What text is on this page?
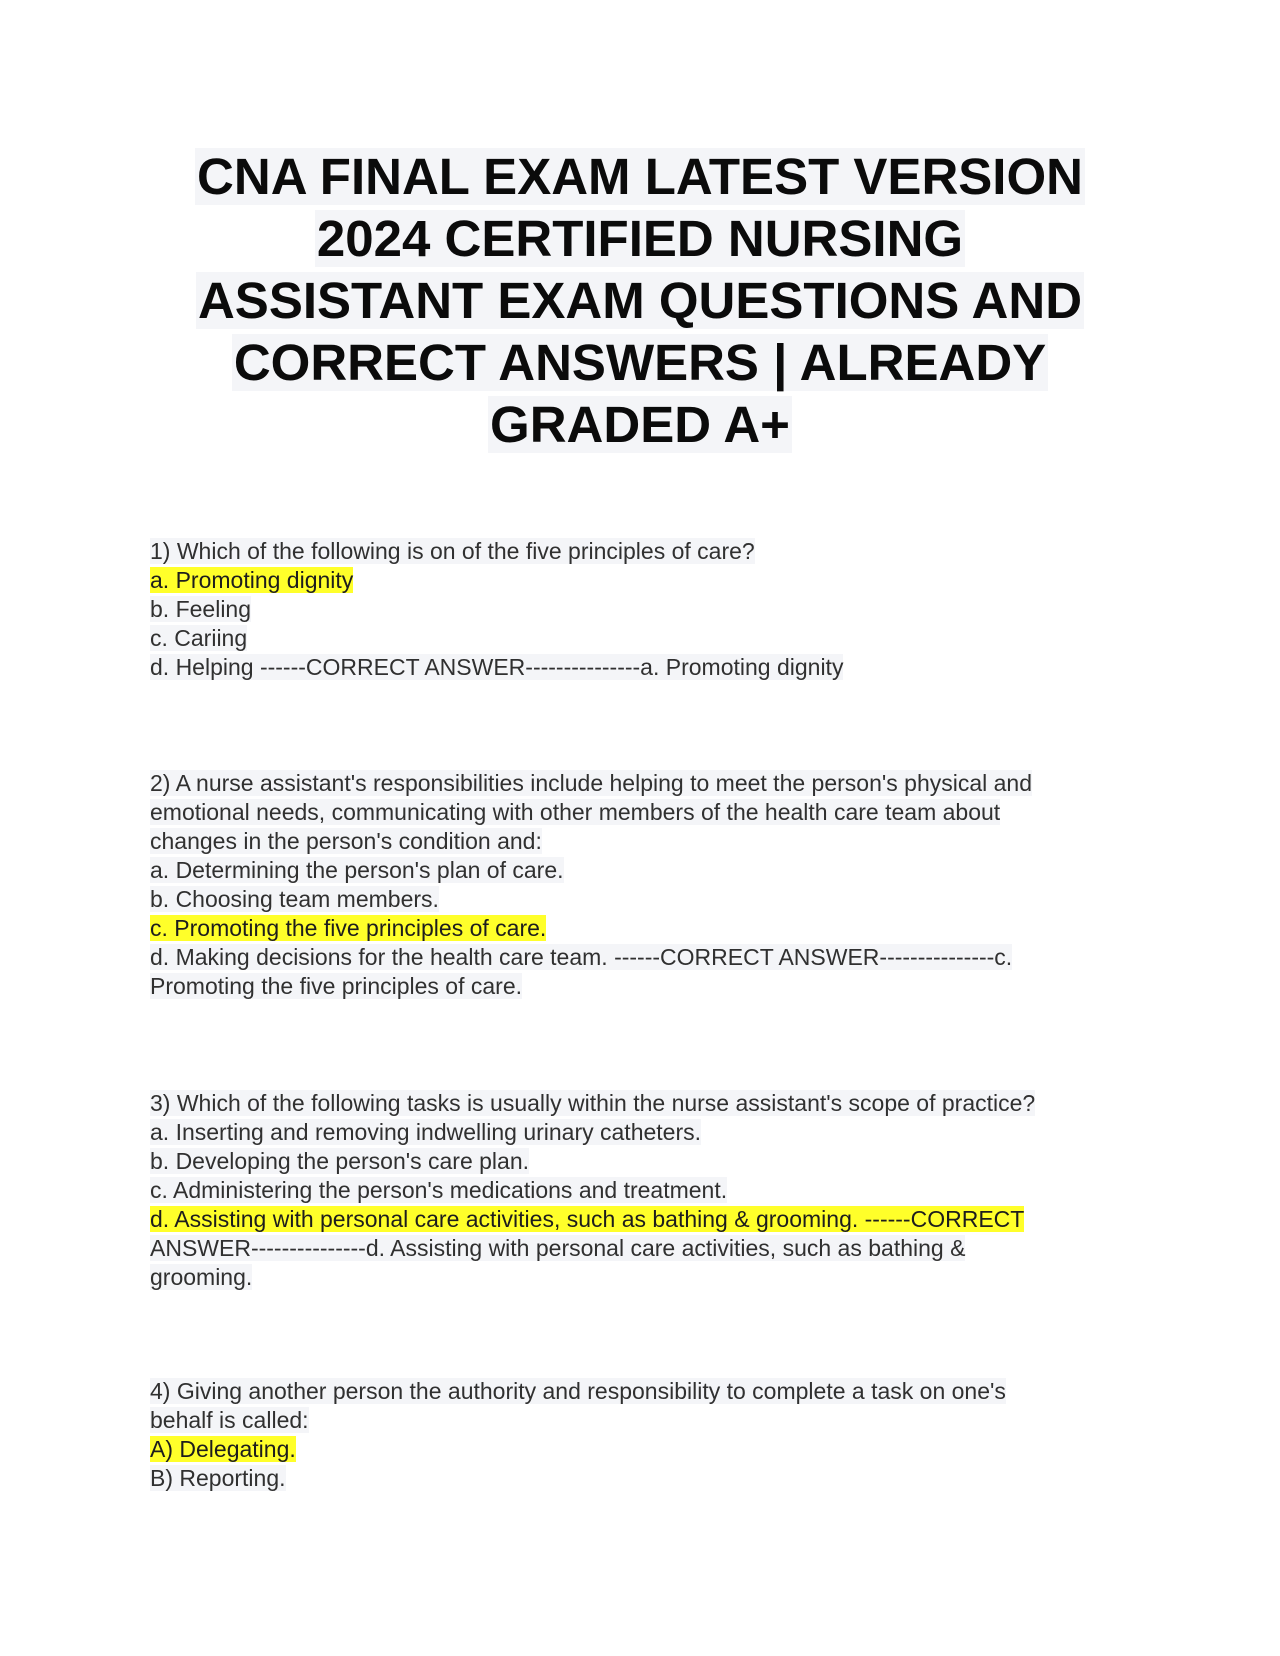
CNA FINAL EXAM LATEST VERSION
2024 CERTIFIED NURSING
ASSISTANT EXAM QUESTIONS AND
CORRECT ANSWERS | ALREADY
GRADED A+
1) Which of the following is on of the five principles of care?
a. Promoting dignity
b. Feeling
c. Cariing
d. Helping ------CORRECT ANSWER---------------a. Promoting dignity
2) A nurse assistant's responsibilities include helping to meet the person's physical and
emotional needs, communicating with other members of the health care team about
changes in the person's condition and:
a. Determining the person's plan of care.
b. Choosing team members.
c. Promoting the five principles of care.
d. Making decisions for the health care team. ------CORRECT ANSWER---------------c.
Promoting the five principles of care.
3) Which of the following tasks is usually within the nurse assistant's scope of practice?
a. Inserting and removing indwelling urinary catheters.
b. Developing the person's care plan.
c. Administering the person's medications and treatment.
d. Assisting with personal care activities, such as bathing & grooming. ------CORRECT
ANSWER---------------d. Assisting with personal care activities, such as bathing &
grooming.
4) Giving another person the authority and responsibility to complete a task on one's
behalf is called:
A) Delegating.
B) Reporting.
